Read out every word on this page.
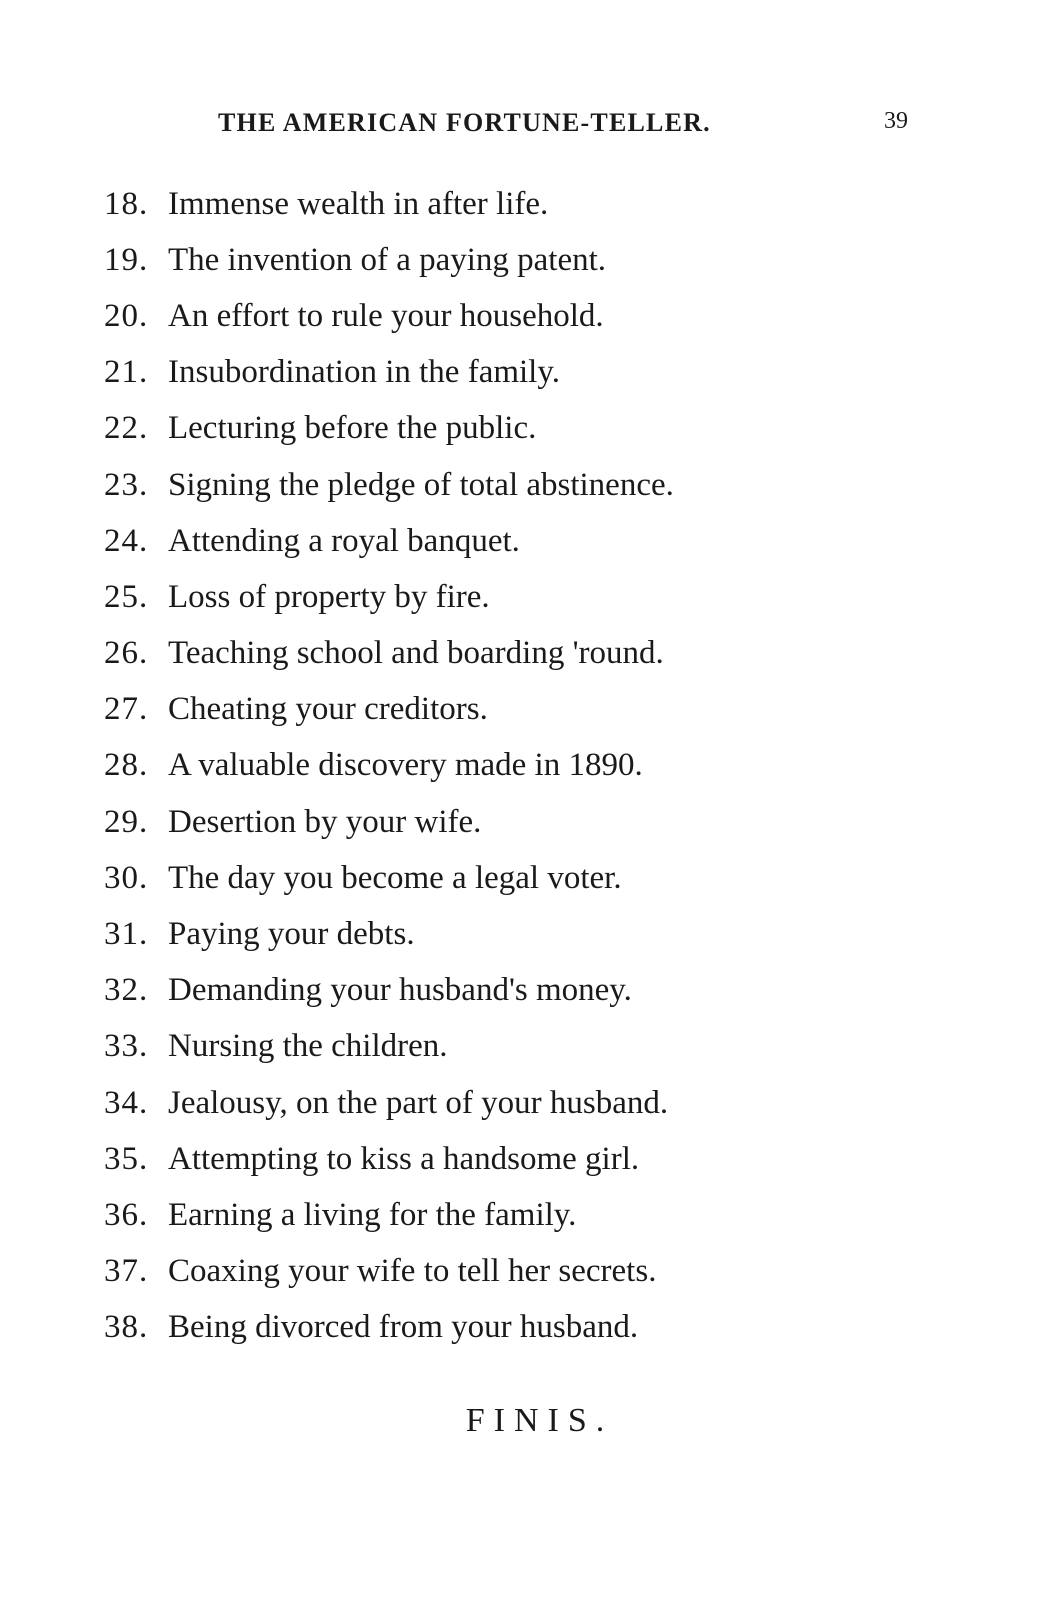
THE AMERICAN FORTUNE-TELLER.	39
18. Immense wealth in after life.
19. The invention of a paying patent.
20. An effort to rule your household.
21. Insubordination in the family.
22. Lecturing before the public.
23. Signing the pledge of total abstinence.
24. Attending a royal banquet.
25. Loss of property by fire.
26. Teaching school and boarding 'round.
27. Cheating your creditors.
28. A valuable discovery made in 1890.
29. Desertion by your wife.
30. The day you become a legal voter.
31. Paying your debts.
32. Demanding your husband's money.
33. Nursing the children.
34. Jealousy, on the part of your husband.
35. Attempting to kiss a handsome girl.
36. Earning a living for the family.
37. Coaxing your wife to tell her secrets.
38. Being divorced from your husband.
FINIS.
